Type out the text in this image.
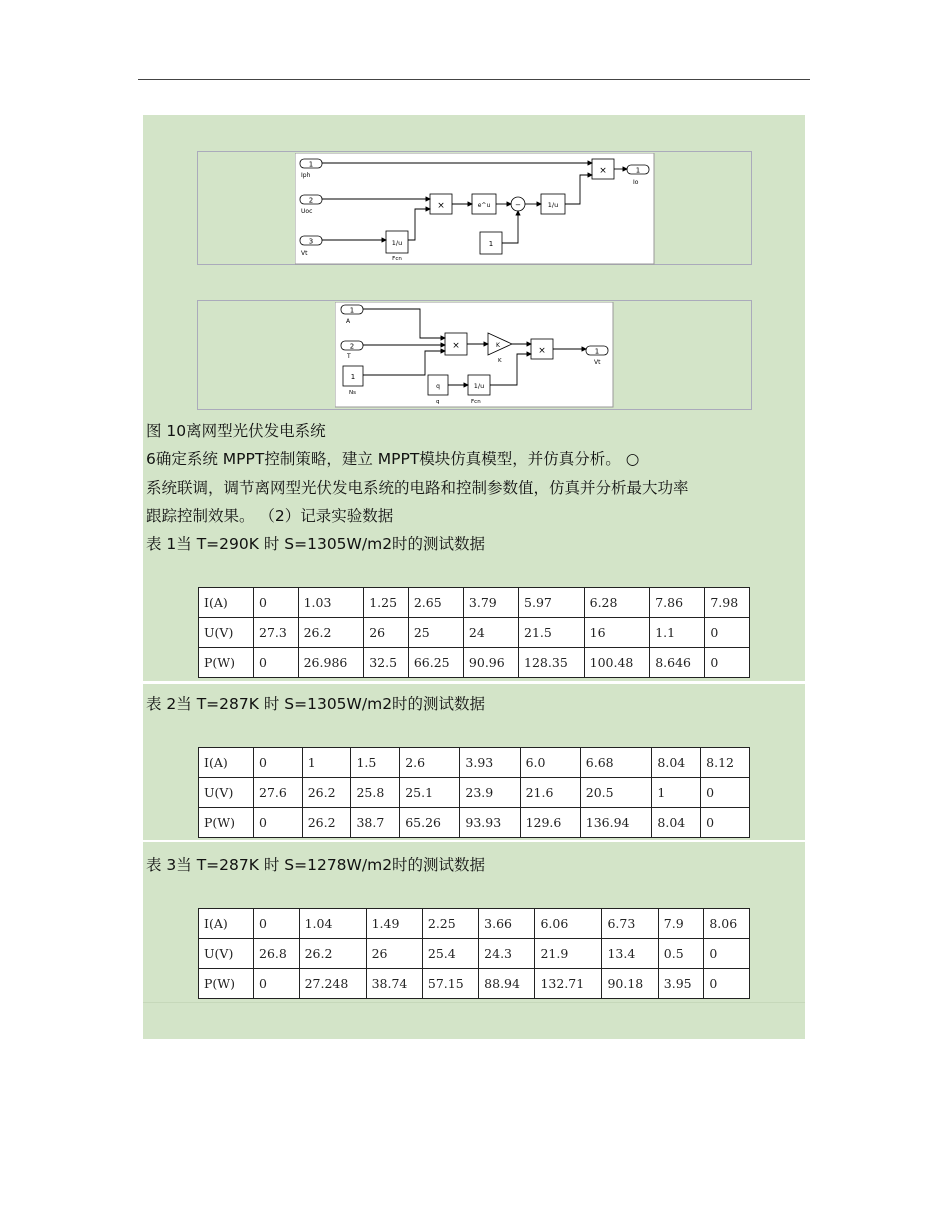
1
Iph
2
Uoc
3
Vt
×	e^u	−	1/u
1/u
Fcn
1
×	1
Io
1
A
2
T
1
Ns
×	K
K
×	1
Vt
q
q
1/u
Fcn
图 10离网型光伏发电系统
6确定系统 MPPT控制策略，建立 MPPT模块仿真模型，并仿真分析。 ○
系统联调，调节离网型光伏发电系统的电路和控制参数值，仿真并分析最大功率
跟踪控制效果。 （2）记录实验数据
表 1当 T=290K 时 S=1305W/m2时的测试数据
I(A)	0	1.03	1.25	2.65	3.79	5.97	6.28	7.86	7.98
U(V)	27.3	26.2	26	25	24	21.5	16	1.1	0
P(W)	0	26.986	32.5	66.25	90.96	128.35	100.48	8.646	0
表 2当 T=287K 时 S=1305W/m2时的测试数据
I(A)	0	1	1.5	2.6	3.93	6.0	6.68	8.04	8.12
U(V)	27.6	26.2	25.8	25.1	23.9	21.6	20.5	1	0
P(W)	0	26.2	38.7	65.26	93.93	129.6	136.94	8.04	0
表 3当 T=287K 时 S=1278W/m2时的测试数据
I(A)	0	1.04	1.49	2.25	3.66	6.06	6.73	7.9	8.06
U(V)	26.8	26.2	26	25.4	24.3	21.9	13.4	0.5	0
P(W)	0	27.248	38.74	57.15	88.94	132.71	90.18	3.95	0
